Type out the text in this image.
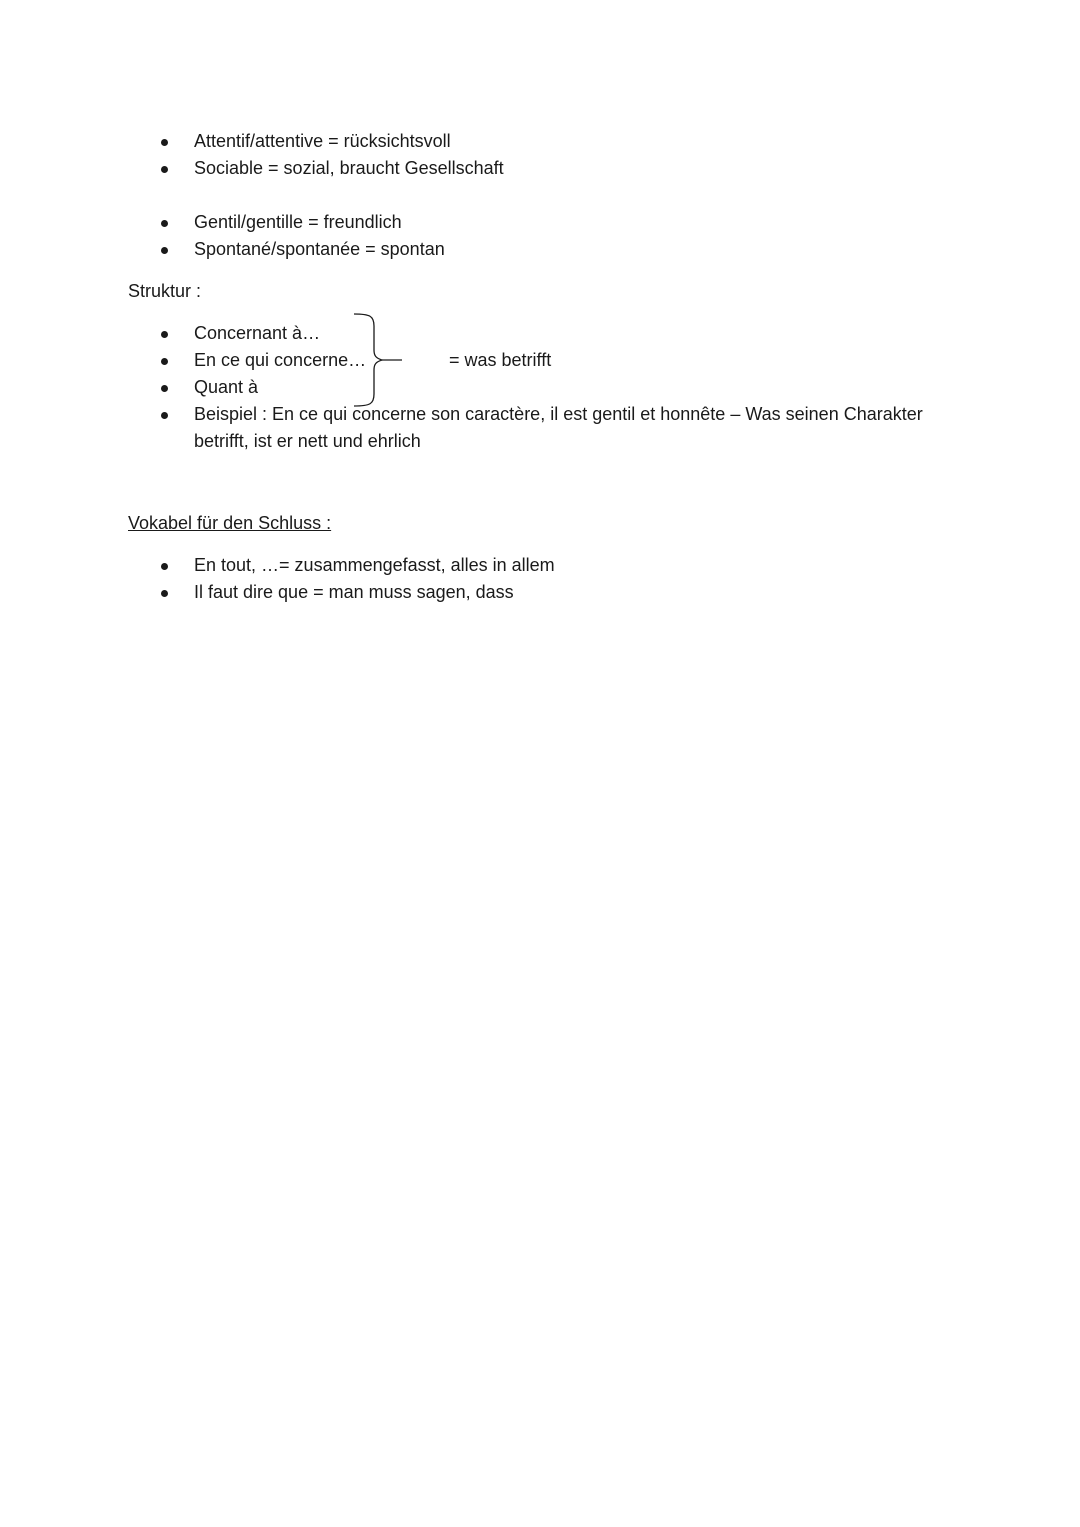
Attentif/attentive = rücksichtsvoll
Sociable = sozial, braucht Gesellschaft
Gentil/gentille = freundlich
Spontané/spontanée = spontan

Struktur :

Concernant à…
En ce qui concerne…
Quant à
Beispiel : En ce qui concerne son caractère, il est gentil et honnête – Was seinen Charakter betrifft, ist er nett und ehrlich
= was betrifft

Vokabel für den Schluss :

En tout, …= zusammengefasst, alles in allem
Il faut dire que = man muss sagen, dass
